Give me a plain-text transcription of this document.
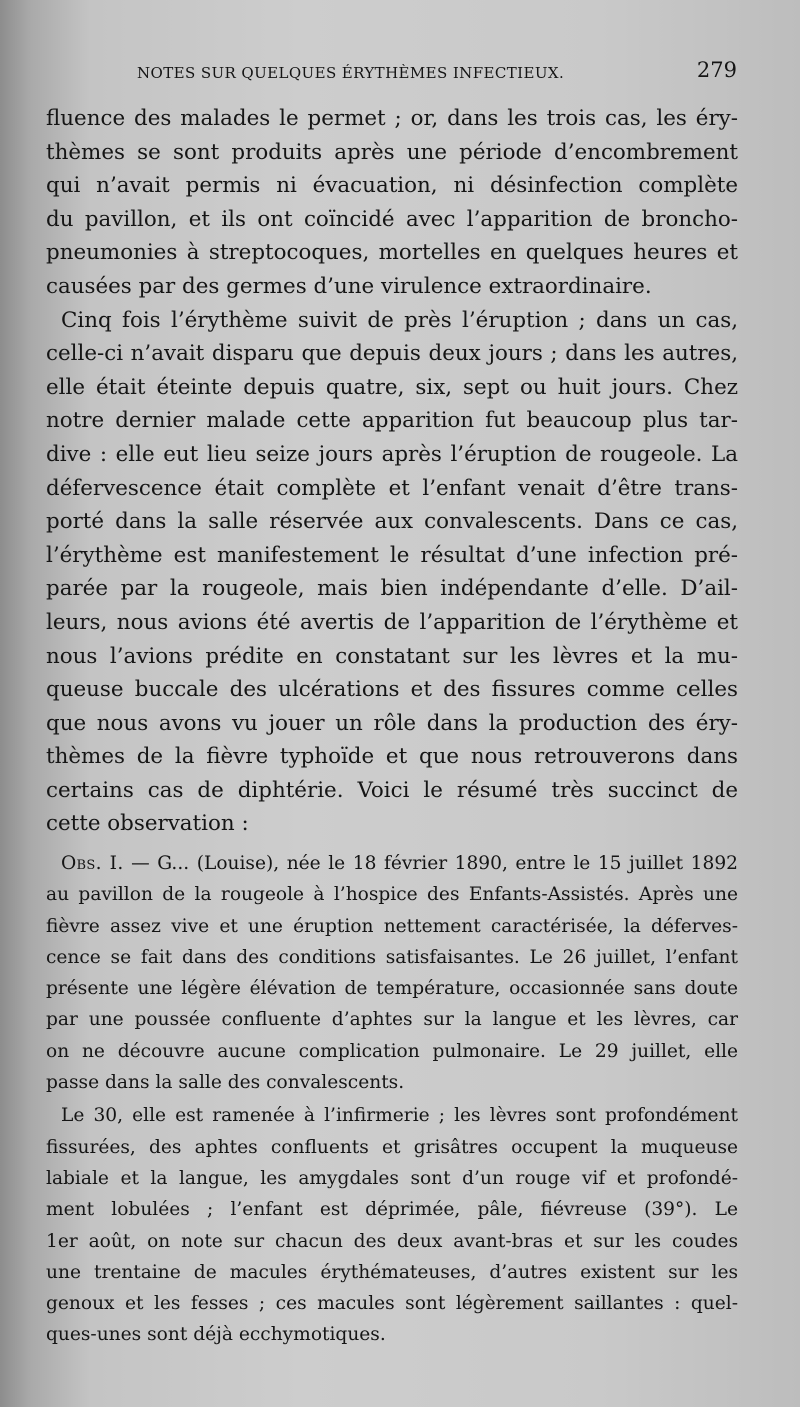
NOTES SUR QUELQUES ÉRYTHÈMES INFECTIEUX.	279

fluence des malades le permet ; or, dans les trois cas, les éry-
thèmes se sont produits après une période d’encombrement
qui n’avait permis ni évacuation, ni désinfection complète
du pavillon, et ils ont coïncidé avec l’apparition de broncho-
pneumonies à streptocoques, mortelles en quelques heures et
causées par des germes d’une virulence extraordinaire.

Cinq fois l’érythème suivit de près l’éruption ; dans un cas,
celle-ci n’avait disparu que depuis deux jours ; dans les autres,
elle était éteinte depuis quatre, six, sept ou huit jours. Chez
notre dernier malade cette apparition fut beaucoup plus tar-
dive : elle eut lieu seize jours après l’éruption de rougeole. La
défervescence était complète et l’enfant venait d’être trans-
porté dans la salle réservée aux convalescents. Dans ce cas,
l’érythème est manifestement le résultat d’une infection pré-
parée par la rougeole, mais bien indépendante d’elle. D’ail-
leurs, nous avions été avertis de l’apparition de l’érythème et
nous l’avions prédite en constatant sur les lèvres et la mu-
queuse buccale des ulcérations et des fissures comme celles
que nous avons vu jouer un rôle dans la production des éry-
thèmes de la fièvre typhoïde et que nous retrouverons dans
certains cas de diphtérie. Voici le résumé très succinct de
cette observation :

Obs. I. — G... (Louise), née le 18 février 1890, entre le 15 juillet 1892
au pavillon de la rougeole à l’hospice des Enfants-Assistés. Après une
fièvre assez vive et une éruption nettement caractérisée, la déferves-
cence se fait dans des conditions satisfaisantes. Le 26 juillet, l’enfant
présente une légère élévation de température, occasionnée sans doute
par une poussée confluente d’aphtes sur la langue et les lèvres, car
on ne découvre aucune complication pulmonaire. Le 29 juillet, elle
passe dans la salle des convalescents.

Le 30, elle est ramenée à l’infirmerie ; les lèvres sont profondément
fissurées, des aphtes confluents et grisâtres occupent la muqueuse
labiale et la langue, les amygdales sont d’un rouge vif et profondé-
ment lobulées ; l’enfant est déprimée, pâle, fiévreuse (39°). Le
1er août, on note sur chacun des deux avant-bras et sur les coudes
une trentaine de macules érythémateuses, d’autres existent sur les
genoux et les fesses ; ces macules sont légèrement saillantes : quel-
ques-unes sont déjà ecchymotiques.
